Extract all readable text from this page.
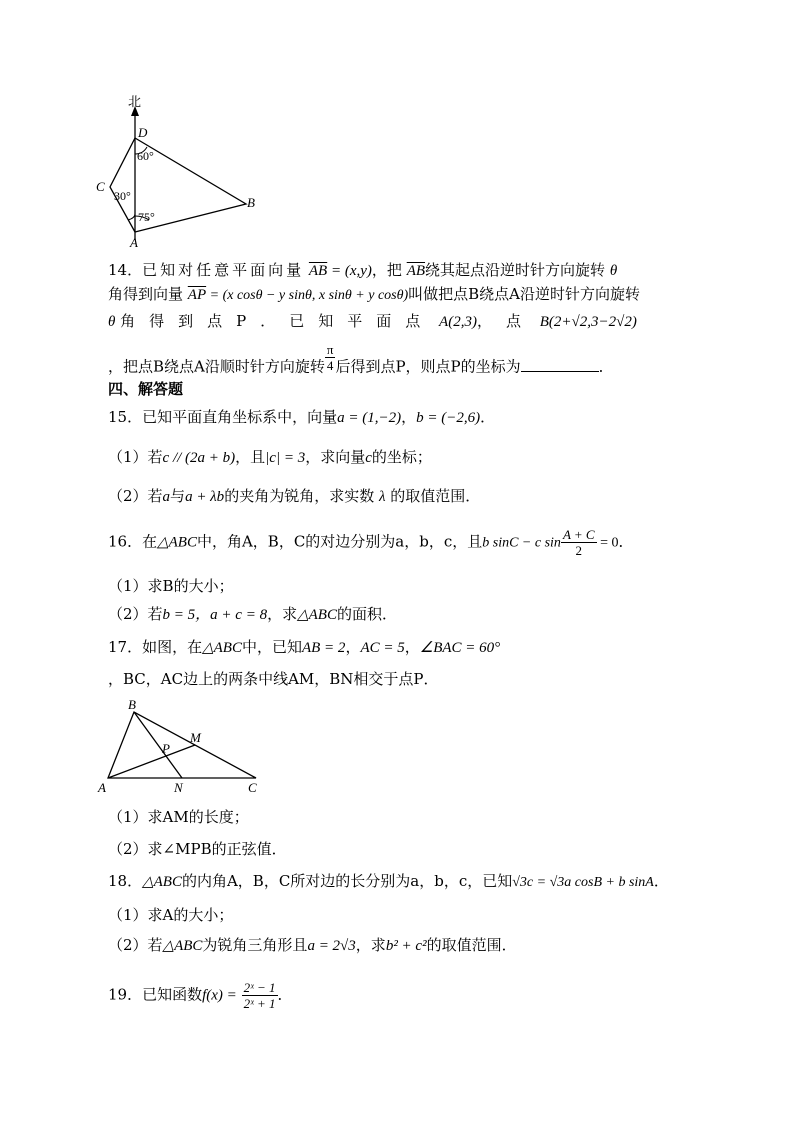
北
D
C
A
B
60°
30°
75°
14．已知对任意平面向量 $\overline{AB} = (x,y)$，把 $\overline{AB}$绕其起点沿逆时针方向旋转 θ
角得到向量 $\overline{AP} = (x$ cosθ − y sinθ, x sinθ + y cosθ)叫做把点B绕点A沿逆时针方向旋转
θ 角得到点P．已知平面点 A(2,3)，点 B(2+√2,3−2√2)
，把点B绕点A沿顺时针方向旋转 $\frac{\pi}{4}$ 后得到点P，则点P的坐标为	．
四、解答题
15．已知平面直角坐标系中，向量a = (1,−2)，b = (−2,6)．
（1）若c // (2a + b)，且|c| = 3，求向量c的坐标；
（2）若a与a + λb的夹角为锐角，求实数 λ 的取值范围．
16．在△ABC中，角A，B，C的对边分别为a，b，c，且b sinC − c $\sin \frac{A + C}{2} = 0$．
（1）求B的大小；
（2）若b = 5，a + c = 8，求△ABC的面积．
17．如图，在△ABC中，已知AB = 2，AC = 5，∠BAC = 60°
，BC，AC边上的两条中线AM，BN相交于点P．
B
M
P
A	N	C
（1）求AM的长度；
（2）求∠MPB的正弦值．
18．△ABC的内角A，B，C所对边的长分别为a，b，c，已知√3c = √3a cosB + b sinA．
（1）求A的大小；
（2）若△ABC为锐角三角形且a = 2√3，求b² + c²的取值范围．
19．已知函数$f(x) = \frac{\text{2ˣ − 1}}{\text{2ˣ + 1}}$ ．
